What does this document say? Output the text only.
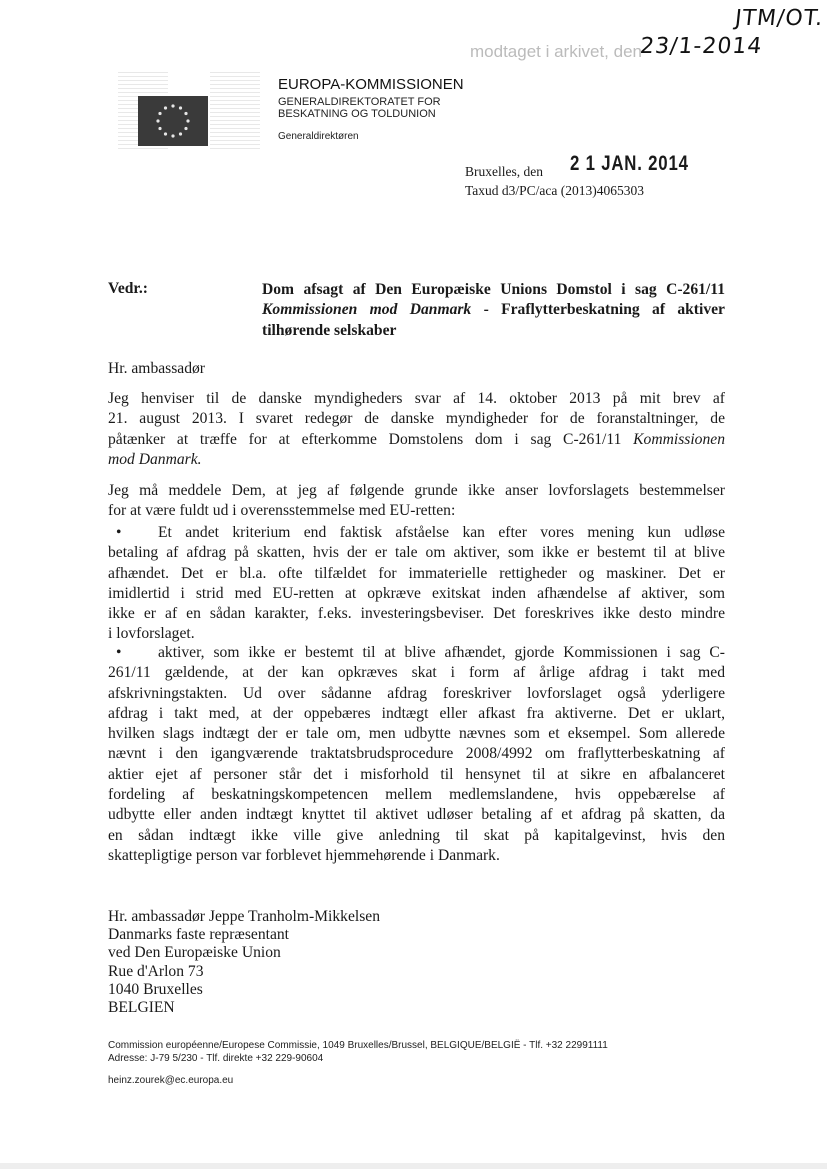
JTM/OT.
modtaget i arkivet, den
23/1-2014
EUROPA-KOMMISSIONEN
GENERALDIREKTORATET FOR
BESKATNING OG TOLDUNION
Generaldirektøren
Bruxelles, den 2 1 JAN. 2014
Taxud d3/PC/aca (2013)4065303
Vedr.:	Dom afsagt af Den Europæiske Unions Domstol i sag C-261/11
Kommissionen mod Danmark - Fraflytterbeskatning af aktiver
tilhørende selskaber
Hr. ambassadør
Jeg henviser til de danske myndigheders svar af 14. oktober 2013 på mit brev af
21. august 2013. I svaret redegør de danske myndigheder for de foranstaltninger, de
påtænker at træffe for at efterkomme Domstolens dom i sag C-261/11 Kommissionen
mod Danmark.
Jeg må meddele Dem, at jeg af følgende grunde ikke anser lovforslagets bestemmelser
for at være fuldt ud i overensstemmelse med EU-retten:
•	Et andet kriterium end faktisk afståelse kan efter vores mening kun udløse
betaling af afdrag på skatten, hvis der er tale om aktiver, som ikke er bestemt til at blive
afhændet. Det er bl.a. ofte tilfældet for immaterielle rettigheder og maskiner. Det er
imidlertid i strid med EU-retten at opkræve exitskat inden afhændelse af aktiver, som
ikke er af en sådan karakter, f.eks. investeringsbeviser. Det foreskrives ikke desto mindre
i lovforslaget.
•	aktiver, som ikke er bestemt til at blive afhændet, gjorde Kommissionen i sag C-
261/11 gældende, at der kan opkræves skat i form af årlige afdrag i takt med
afskrivningstakten. Ud over sådanne afdrag foreskriver lovforslaget også yderligere
afdrag i takt med, at der oppebæres indtægt eller afkast fra aktiverne. Det er uklart,
hvilken slags indtægt der er tale om, men udbytte nævnes som et eksempel. Som allerede
nævnt i den igangværende traktatsbrudsprocedure 2008/4992 om fraflytterbeskatning af
aktier ejet af personer står det i misforhold til hensynet til at sikre en afbalanceret
fordeling af beskatningskompetencen mellem medlemslandene, hvis oppebærelse af
udbytte eller anden indtægt knyttet til aktivet udløser betaling af et afdrag på skatten, da
en sådan indtægt ikke ville give anledning til skat på kapitalgevinst, hvis den
skattepligtige person var forblevet hjemmehørende i Danmark.
Hr. ambassadør Jeppe Tranholm-Mikkelsen
Danmarks faste repræsentant
ved Den Europæiske Union
Rue d'Arlon 73
1040 Bruxelles
BELGIEN
Commission européenne/Europese Commissie, 1049 Bruxelles/Brussel, BELGIQUE/BELGIË - Tlf. +32 22991111
Adresse: J-79 5/230 - Tlf. direkte +32 229-90604
heinz.zourek@ec.europa.eu
